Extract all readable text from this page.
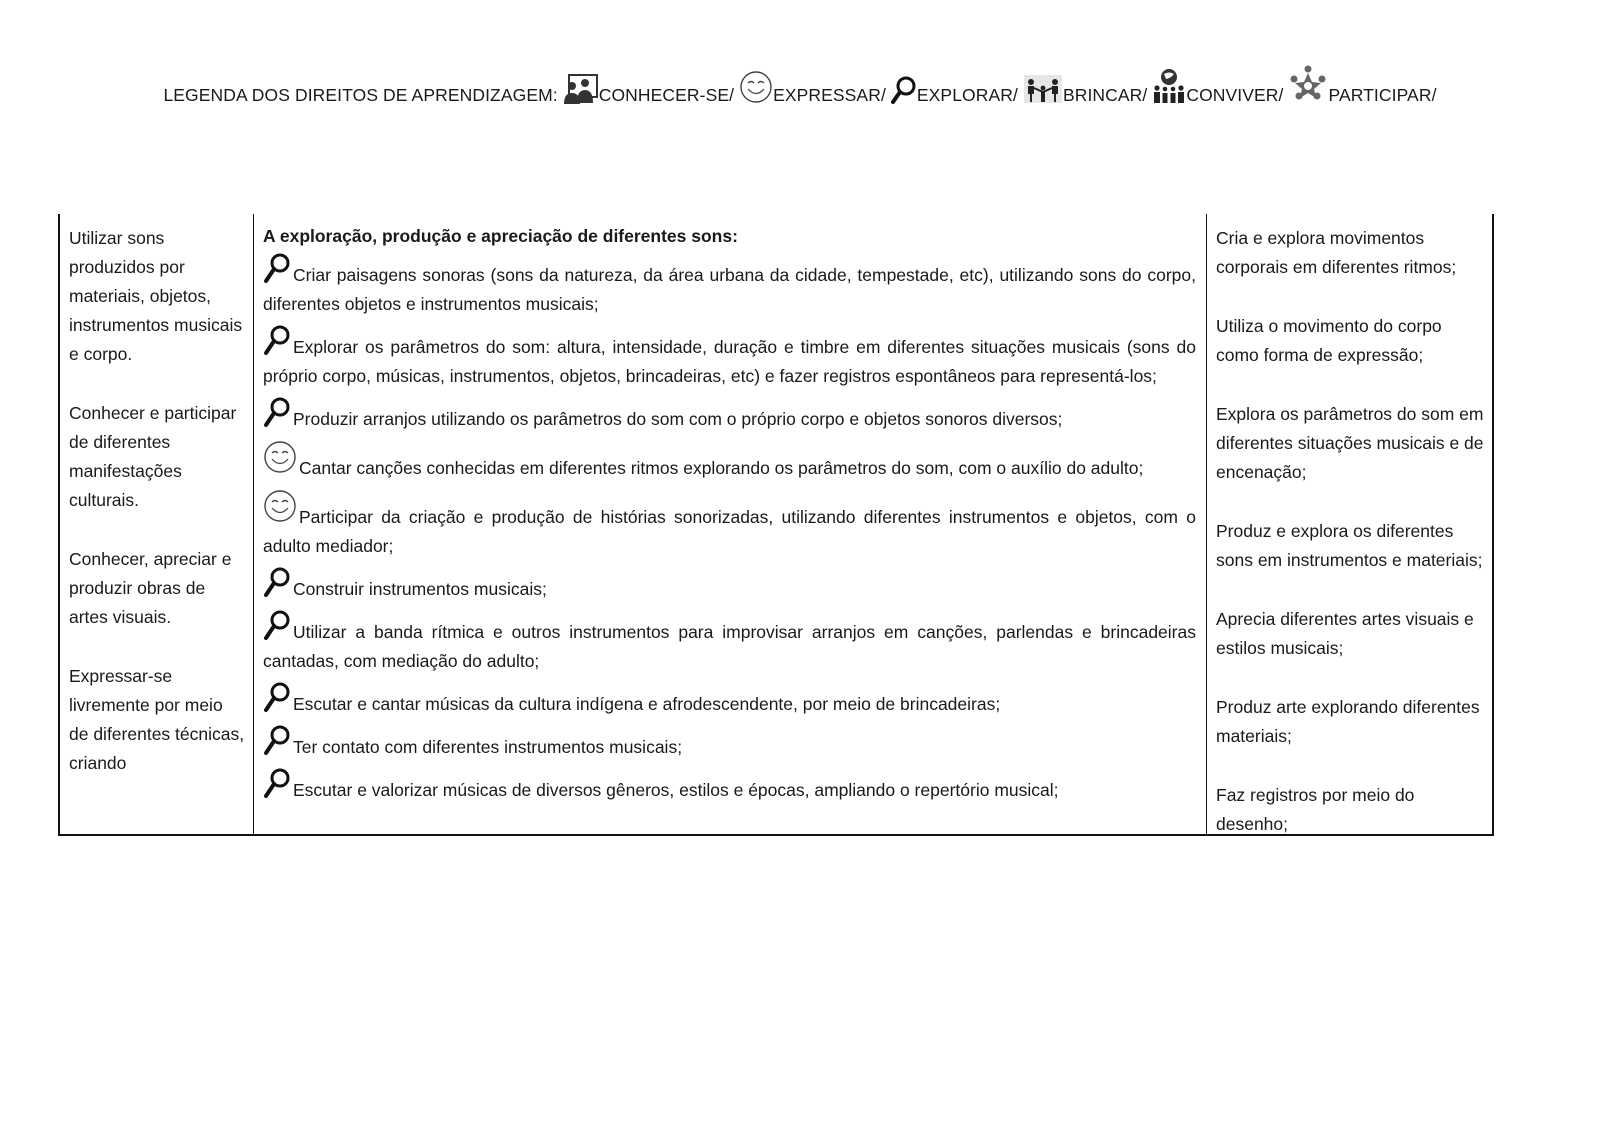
LEGENDA DOS DIREITOS DE APRENDIZAGEM: CONHECER-SE/ EXPRESSAR/ EXPLORAR/	BRINCAR/ CONVIVER/	PARTICIPAR/

Utilizar sons produzidos por materiais, objetos, instrumentos musicais e corpo.

Conhecer e participar de diferentes manifestações culturais.

Conhecer, apreciar e produzir obras de artes visuais.

Expressar-se livremente por meio de diferentes técnicas, criando

A exploração, produção e apreciação de diferentes sons:

Criar paisagens sonoras (sons da natureza, da área urbana da cidade, tempestade, etc), utilizando sons do corpo, diferentes objetos e instrumentos musicais;

Explorar os parâmetros do som: altura, intensidade, duração e timbre em diferentes situações musicais (sons do próprio corpo, músicas, instrumentos, objetos, brincadeiras, etc) e fazer registros espontâneos para representá-los;

Produzir arranjos utilizando os parâmetros do som com o próprio corpo e objetos sonoros diversos;

Cantar canções conhecidas em diferentes ritmos explorando os parâmetros do som, com o auxílio do adulto;

Participar da criação e produção de histórias sonorizadas, utilizando diferentes instrumentos e objetos, com o adulto mediador;

Construir instrumentos musicais;

Utilizar a banda rítmica e outros instrumentos para improvisar arranjos em canções, parlendas e brincadeiras cantadas, com mediação do adulto;

Escutar e cantar músicas da cultura indígena e afrodescendente, por meio de brincadeiras;

Ter contato com diferentes instrumentos musicais;

Escutar e valorizar músicas de diversos gêneros, estilos e épocas, ampliando o repertório musical;

Cria e explora movimentos corporais em diferentes ritmos;

Utiliza o movimento do corpo como forma de expressão;

Explora os parâmetros do som em diferentes situações musicais e de encenação;

Produz e explora os diferentes sons em instrumentos e materiais;

Aprecia diferentes artes visuais e estilos musicais;

Produz arte explorando diferentes materiais;

Faz registros por meio do desenho;
